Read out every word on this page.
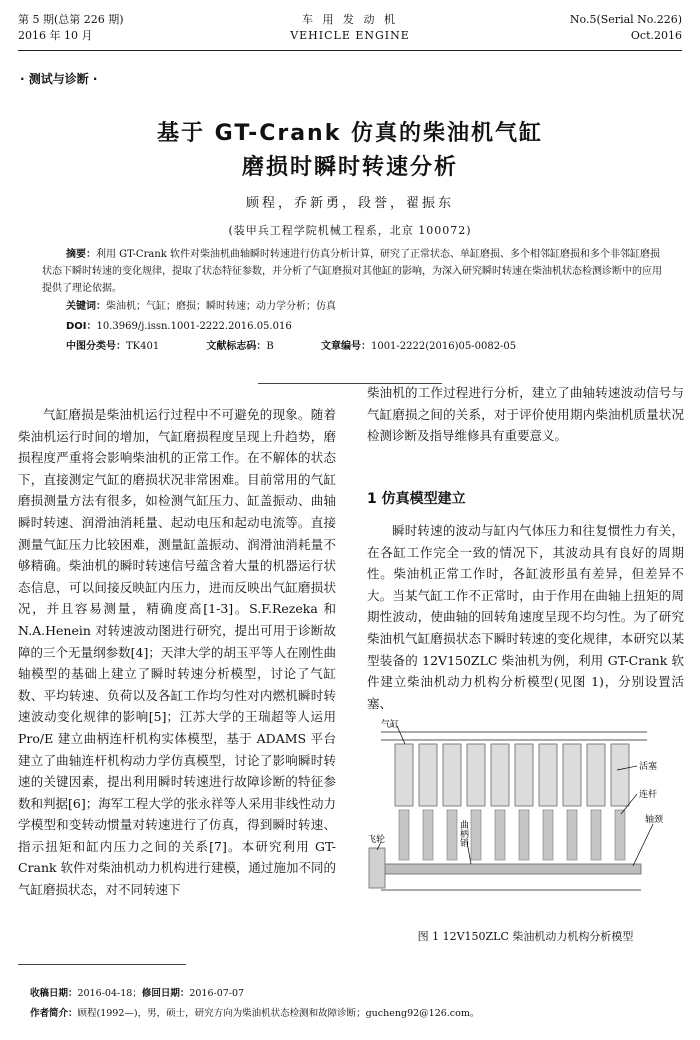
第 5 期(总第 226 期)
2016 年 10 月
车 用 发 动 机
VEHICLE ENGINE
No.5(Serial No.226)
Oct.2016
· 测试与诊断 ·
基于 GT-Crank 仿真的柴油机气缸
磨损时瞬时转速分析
顾程，乔新勇，段誉，翟振东
(装甲兵工程学院机械工程系，北京 100072)
摘要：利用 GT-Crank 软件对柴油机曲轴瞬时转速进行仿真分析计算，研究了正常状态、单缸磨损、多个相邻缸磨损和多个非邻缸磨损状态下瞬时转速的变化规律，提取了状态特征参数，并分析了气缸磨损对其他缸的影响，为深入研究瞬时转速在柴油机状态检测诊断中的应用提供了理论依据。
关键词：柴油机；气缸；磨损；瞬时转速；动力学分析；仿真
DOI：10.3969/j.issn.1001-2222.2016.05.016
中图分类号：TK401	文献标志码：B	文章编号：1001-2222(2016)05-0082-05

气缸磨损是柴油机运行过程中不可避免的现象。随着柴油机运行时间的增加，气缸磨损程度呈现上升趋势，磨损程度严重将会影响柴油机的正常工作。在不解体的状态下，直接测定气缸的磨损状况非常困难。目前常用的气缸磨损测量方法有很多，如检测气缸压力、缸盖振动、曲轴瞬时转速、润滑油消耗量、起动电压和起动电流等。直接测量气缸压力比较困难，测量缸盖振动、润滑油消耗量不够精确。柴油机的瞬时转速信号蕴含着大量的机器运行状态信息，可以间接反映缸内压力，进而反映出气缸磨损状况，并且容易测量，精确度高[1-3]。S.F.Rezeka 和 N.A.Henein 对转速波动图进行研究，提出可用于诊断故障的三个无量纲参数[4]；天津大学的胡玉平等人在刚性曲轴模型的基础上建立了瞬时转速分析模型，讨论了气缸数、平均转速、负荷以及各缸工作均匀性对内燃机瞬时转速波动变化规律的影响[5]；江苏大学的王瑞超等人运用 Pro/E 建立曲柄连杆机构实体模型，基于 ADAMS 平台建立了曲轴连杆机构动力学仿真模型，讨论了影响瞬时转速的关键因素，提出利用瞬时转速进行故障诊断的特征参数和判据[6]；海军工程大学的张永祥等人采用非线性动力学模型和变转动惯量对转速进行了仿真，得到瞬时转速、指示扭矩和缸内压力之间的关系[7]。本研究利用 GT-Crank 软件对柴油机动力机构进行建模，通过施加不同的气缸磨损状态，对不同转速下

柴油机的工作过程进行分析，建立了曲轴转速波动信号与气缸磨损之间的关系，对于评价使用期内柴油机质量状况检测诊断及指导维修具有重要意义。

1 仿真模型建立

瞬时转速的波动与缸内气体压力和往复惯性力有关，在各缸工作完全一致的情况下，其波动具有良好的周期性。柴油机正常工作时，各缸波形虽有差异，但差异不大。当某气缸工作不正常时，由于作用在曲轴上扭矩的周期性波动，使曲轴的回转角速度呈现不均匀性。为了研究柴油机气缸磨损状态下瞬时转速的变化规律，本研究以某型装备的 12V150ZLC 柴油机为例，利用 GT-Crank 软件建立柴油机动力机构分析模型(见图 1)，分别设置活塞、

气缸
活塞
连杆
轴颈
飞轮	曲柄销
图 1 12V150ZLC 柴油机动力机构分析模型
收稿日期：2016-04-18；修回日期：2016-07-07
作者简介：顾程(1992—)，男，硕士，研究方向为柴油机状态检测和故障诊断；gucheng92@126.com。
